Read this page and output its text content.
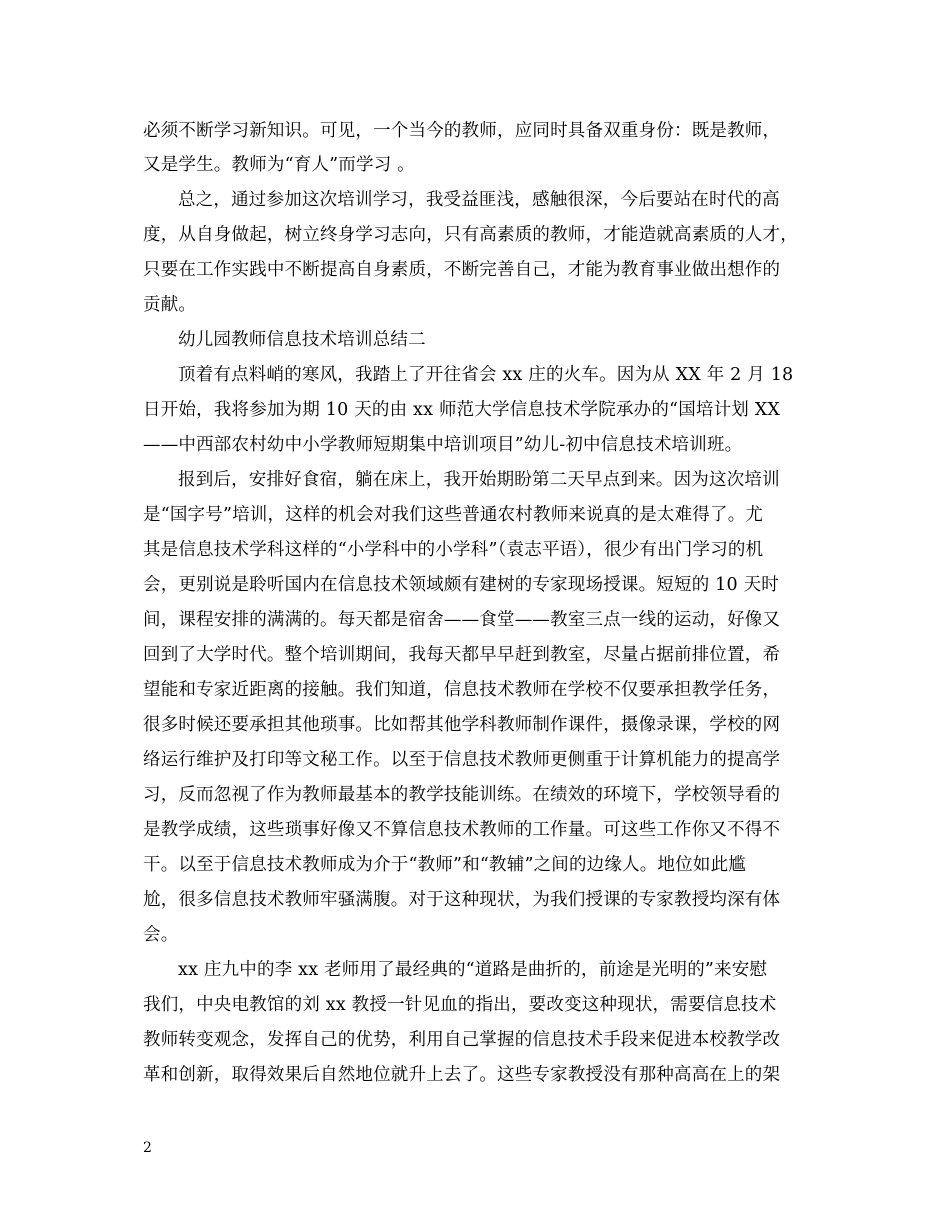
必须不断学习新知识。可见，一个当今的教师，应同时具备双重身份：既是教师，
又是学生。教师为“育人”而学习 。
总之，通过参加这次培训学习，我受益匪浅，感触很深，今后要站在时代的高
度，从自身做起，树立终身学习志向，只有高素质的教师，才能造就高素质的人才，
只要在工作实践中不断提高自身素质，不断完善自己，才能为教育事业做出想作的
贡献。
幼儿园教师信息技术培训总结二
顶着有点料峭的寒风，我踏上了开往省会 xx 庄的火车。因为从 XX 年 2 月 18
日开始，我将参加为期 10 天的由 xx 师范大学信息技术学院承办的“国培计划 XX
——中西部农村幼中小学教师短期集中培训项目”幼儿-初中信息技术培训班。
报到后，安排好食宿，躺在床上，我开始期盼第二天早点到来。因为这次培训
是“国字号”培训，这样的机会对我们这些普通农村教师来说真的是太难得了。尤
其是信息技术学科这样的“小学科中的小学科”（袁志平语），很少有出门学习的机
会，更别说是聆听国内在信息技术领域颇有建树的专家现场授课。短短的 10 天时
间，课程安排的满满的。每天都是宿舍——食堂——教室三点一线的运动，好像又
回到了大学时代。整个培训期间，我每天都早早赶到教室，尽量占据前排位置，希
望能和专家近距离的接触。我们知道，信息技术教师在学校不仅要承担教学任务，
很多时候还要承担其他琐事。比如帮其他学科教师制作课件，摄像录课，学校的网
络运行维护及打印等文秘工作。以至于信息技术教师更侧重于计算机能力的提高学
习，反而忽视了作为教师最基本的教学技能训练。在绩效的环境下，学校领导看的
是教学成绩，这些琐事好像又不算信息技术教师的工作量。可这些工作你又不得不
干。以至于信息技术教师成为介于“教师”和“教辅”之间的边缘人。地位如此尴
尬，很多信息技术教师牢骚满腹。对于这种现状，为我们授课的专家教授均深有体
会。
xx 庄九中的李 xx 老师用了最经典的“道路是曲折的，前途是光明的”来安慰
我们，中央电教馆的刘 xx 教授一针见血的指出，要改变这种现状，需要信息技术
教师转变观念，发挥自己的优势，利用自己掌握的信息技术手段来促进本校教学改
革和创新，取得效果后自然地位就升上去了。这些专家教授没有那种高高在上的架
2
